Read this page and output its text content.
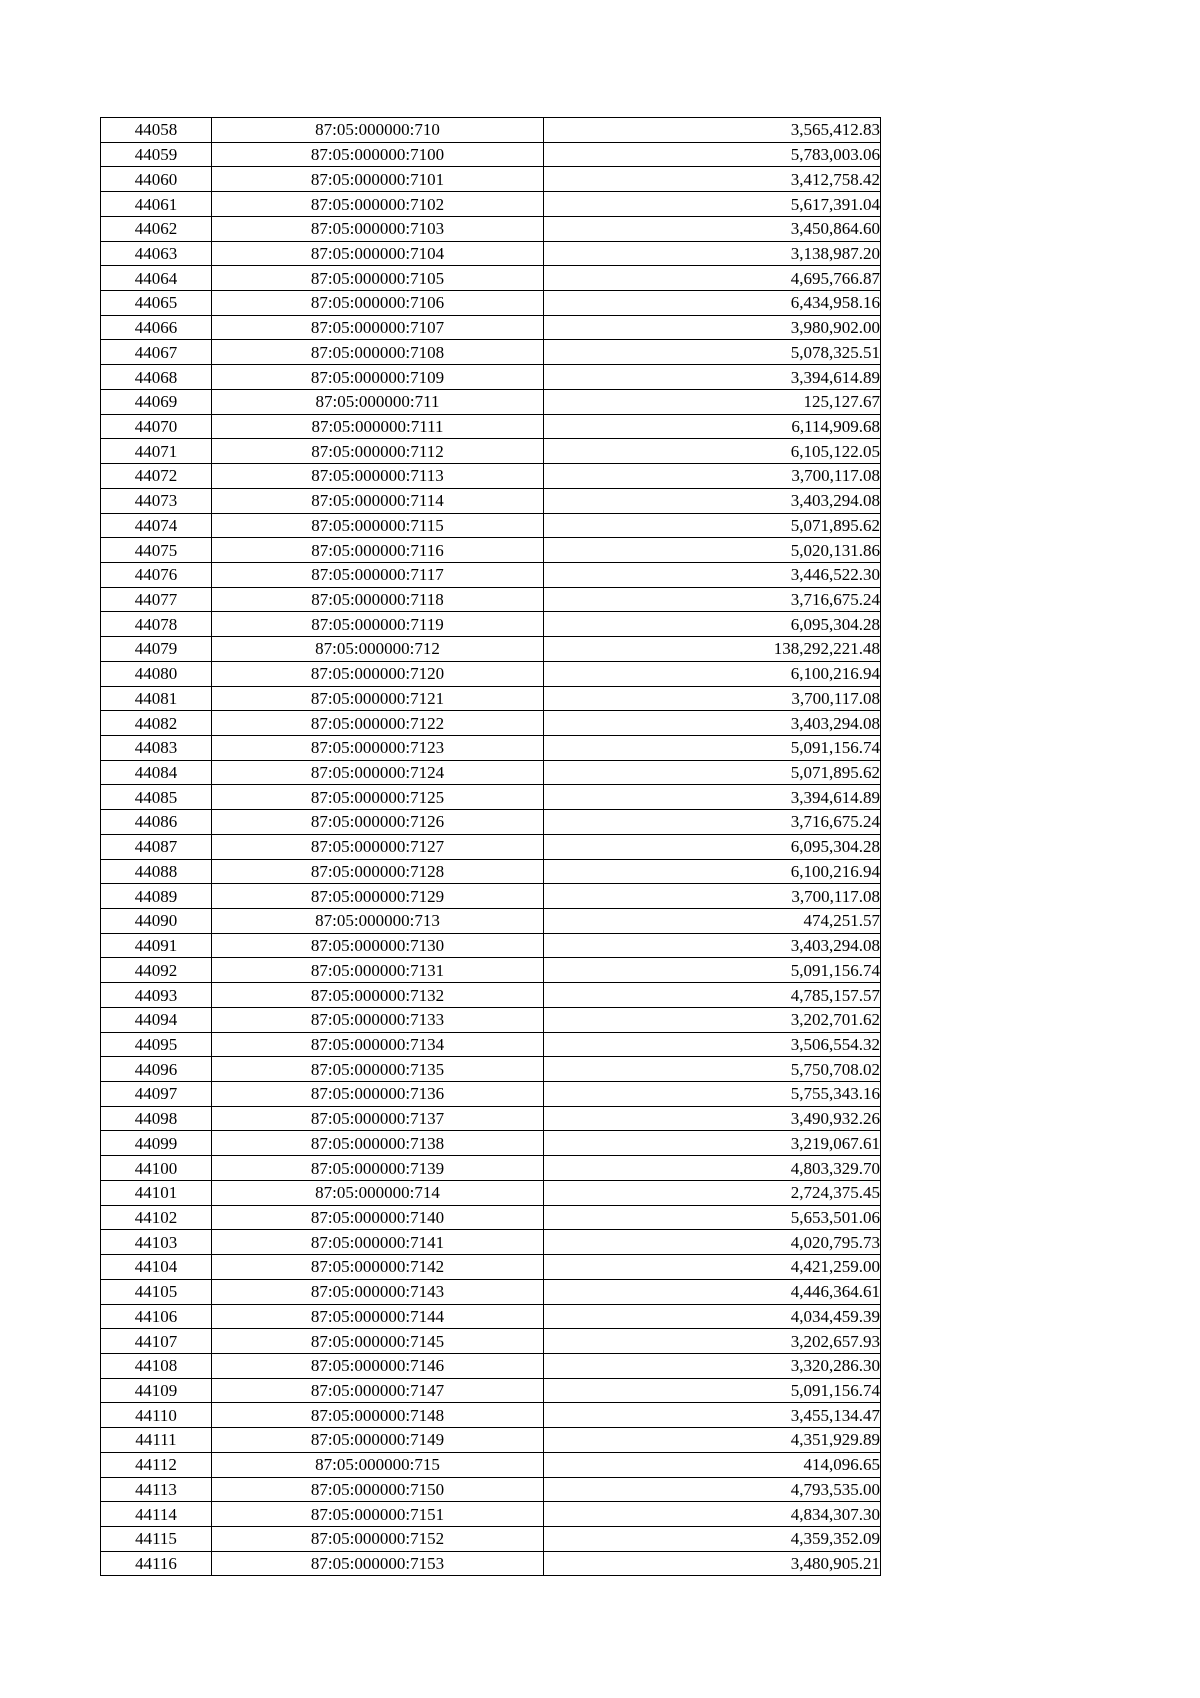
44058	87:05:000000:710	3,565,412.83
44059	87:05:000000:7100	5,783,003.06
44060	87:05:000000:7101	3,412,758.42
44061	87:05:000000:7102	5,617,391.04
44062	87:05:000000:7103	3,450,864.60
44063	87:05:000000:7104	3,138,987.20
44064	87:05:000000:7105	4,695,766.87
44065	87:05:000000:7106	6,434,958.16
44066	87:05:000000:7107	3,980,902.00
44067	87:05:000000:7108	5,078,325.51
44068	87:05:000000:7109	3,394,614.89
44069	87:05:000000:711	125,127.67
44070	87:05:000000:7111	6,114,909.68
44071	87:05:000000:7112	6,105,122.05
44072	87:05:000000:7113	3,700,117.08
44073	87:05:000000:7114	3,403,294.08
44074	87:05:000000:7115	5,071,895.62
44075	87:05:000000:7116	5,020,131.86
44076	87:05:000000:7117	3,446,522.30
44077	87:05:000000:7118	3,716,675.24
44078	87:05:000000:7119	6,095,304.28
44079	87:05:000000:712	138,292,221.48
44080	87:05:000000:7120	6,100,216.94
44081	87:05:000000:7121	3,700,117.08
44082	87:05:000000:7122	3,403,294.08
44083	87:05:000000:7123	5,091,156.74
44084	87:05:000000:7124	5,071,895.62
44085	87:05:000000:7125	3,394,614.89
44086	87:05:000000:7126	3,716,675.24
44087	87:05:000000:7127	6,095,304.28
44088	87:05:000000:7128	6,100,216.94
44089	87:05:000000:7129	3,700,117.08
44090	87:05:000000:713	474,251.57
44091	87:05:000000:7130	3,403,294.08
44092	87:05:000000:7131	5,091,156.74
44093	87:05:000000:7132	4,785,157.57
44094	87:05:000000:7133	3,202,701.62
44095	87:05:000000:7134	3,506,554.32
44096	87:05:000000:7135	5,750,708.02
44097	87:05:000000:7136	5,755,343.16
44098	87:05:000000:7137	3,490,932.26
44099	87:05:000000:7138	3,219,067.61
44100	87:05:000000:7139	4,803,329.70
44101	87:05:000000:714	2,724,375.45
44102	87:05:000000:7140	5,653,501.06
44103	87:05:000000:7141	4,020,795.73
44104	87:05:000000:7142	4,421,259.00
44105	87:05:000000:7143	4,446,364.61
44106	87:05:000000:7144	4,034,459.39
44107	87:05:000000:7145	3,202,657.93
44108	87:05:000000:7146	3,320,286.30
44109	87:05:000000:7147	5,091,156.74
44110	87:05:000000:7148	3,455,134.47
44111	87:05:000000:7149	4,351,929.89
44112	87:05:000000:715	414,096.65
44113	87:05:000000:7150	4,793,535.00
44114	87:05:000000:7151	4,834,307.30
44115	87:05:000000:7152	4,359,352.09
44116	87:05:000000:7153	3,480,905.21
